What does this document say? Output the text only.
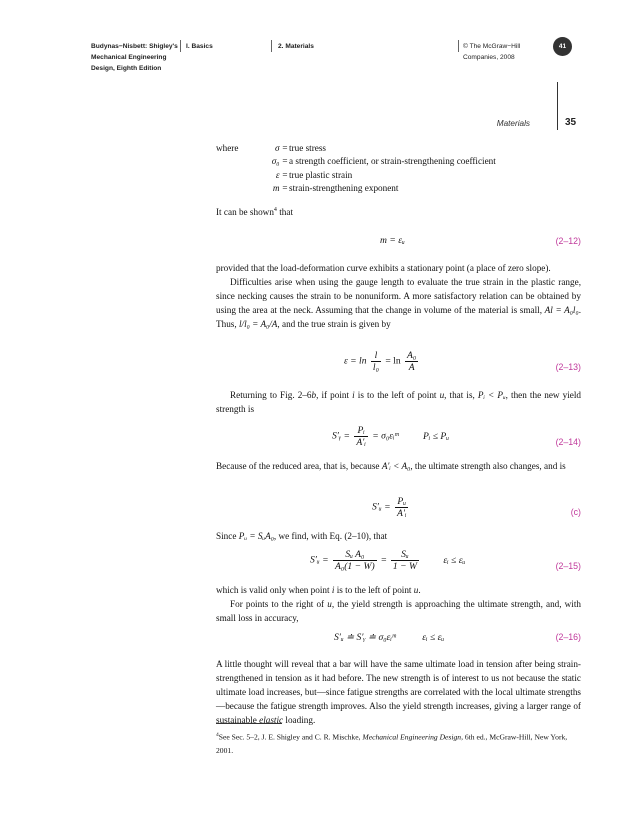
Budynas−Nisbett: Shigley's
Mechanical Engineering
Design, Eighth Edition
I. Basics	2. Materials	© The McGraw−Hill
Companies, 2008
41
Materials	35
where	σ = true stress
σ₀ = a strength coefficient, or strain-strengthening coefficient
ε = true plastic strain
m = strain-strengthening exponent

It can be shown$^4$ that

m = εᵤ	(2–12)

provided that the load-deformation curve exhibits a stationary point (a place of zero slope).

Difficulties arise when using the gauge length to evaluate the true strain in the plastic range, since necking causes the strain to be nonuniform. A more satisfactory relation can be obtained by using the area at the neck. Assuming that the change in volume of the material is small, Al = A₀l₀. Thus, l/l₀ = A₀/A, and the true strain is given by

$\varepsilon = \ln \frac{l}{\text{l₀}} = \ln \frac{\text{A₀}}{A}$	(2–13)

Returning to Fig. 2–6b, if point i is to the left of point u, that is, Pᵢ < Pᵤ, then the new yield strength is

S′ᵧ = $\frac{\text{Pᵢ}}{\text{A′ᵢ}}$ = σ₀εᵢᵐ	Pᵢ ≤ Pᵤ
(2–14)

Because of the reduced area, that is, because A′ᵢ < A₀, the ultimate strength also changes, and is

S′ᵤ = $\frac{\text{Pᵤ}}{\text{A′ᵢ}}$	(c)

Since Pᵤ = SᵤA₀, we find, with Eq. (2–10), that

S′ᵤ = $\frac{\text{Sᵤ A₀}}{\text{A₀(1 − W)}} = \frac{\text{Sᵤ}}{1 - W}$	εᵢ ≤ εᵤ
(2–15)

which is valid only when point i is to the left of point u.

For points to the right of u, the yield strength is approaching the ultimate strength, and, with small loss in accuracy,

S′ᵤ ≐ S′ᵧ ≐ σ₀εᵢᵐ	εᵢ ≤ εᵤ	(2–16)

A little thought will reveal that a bar will have the same ultimate load in tension after being strain-strengthened in tension as it had before. The new strength is of interest to us not because the static ultimate load increases, but—since fatigue strengths are correlated with the local ultimate strengths—because the fatigue strength improves. Also the yield strength increases, giving a larger range of sustainable elastic loading.

$^4$See Sec. 5–2, J. E. Shigley and C. R. Mischke, Mechanical Engineering Design, 6th ed., McGraw-Hill, New York, 2001.
